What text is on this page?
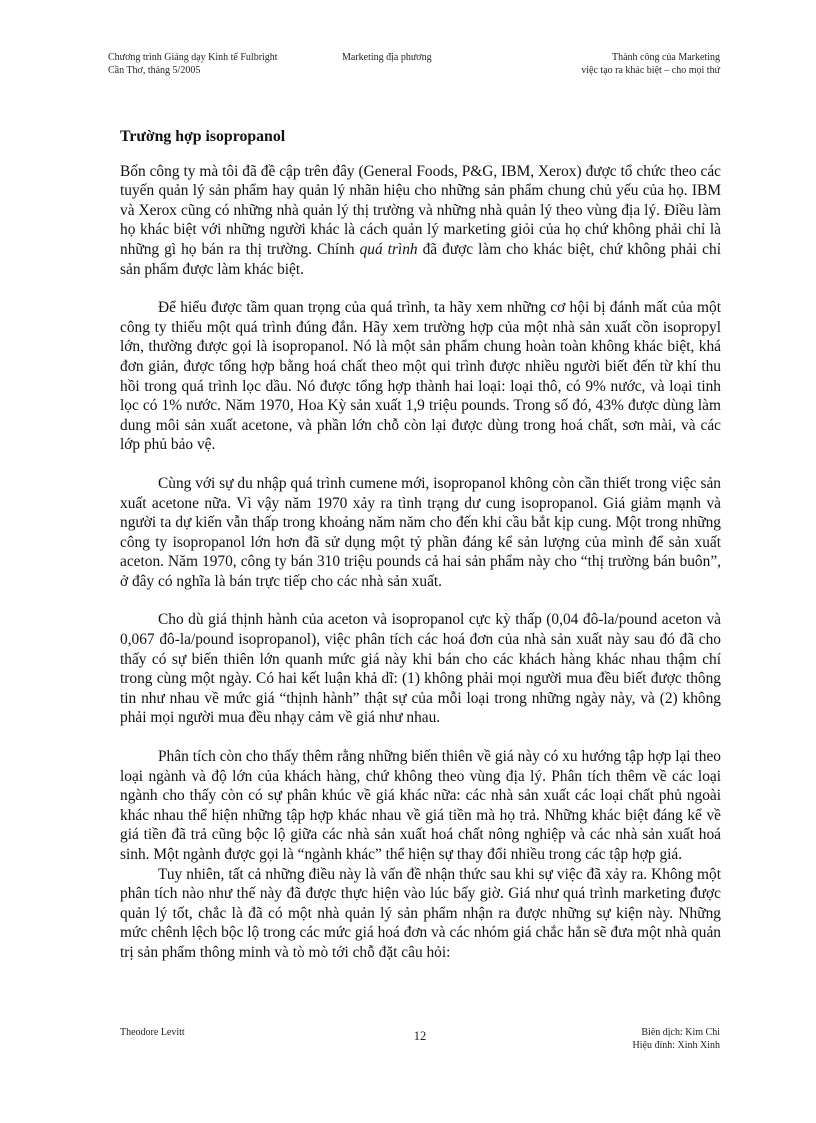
Chương trình Giảng dạy Kinh tế Fulbright
Cần Thơ, tháng 5/2005
Marketing địa phương	Thành công của Marketing
việc tạo ra khác biệt – cho mọi thứ
Trường hợp isopropanol

Bốn công ty mà tôi đã đề cập trên đây (General Foods, P&G, IBM, Xerox) được tổ chức theo các tuyến quản lý sản phẩm hay quản lý nhãn hiệu cho những sản phẩm chung chủ yếu của họ. IBM và Xerox cũng có những nhà quản lý thị trường và những nhà quản lý theo vùng địa lý. Điều làm họ khác biệt với những người khác là cách quản lý marketing giỏi của họ chứ không phải chỉ là những gì họ bán ra thị trường. Chính quá trình đã được làm cho khác biệt, chứ không phải chỉ sản phẩm được làm khác biệt.

Để hiểu được tầm quan trọng của quá trình, ta hãy xem những cơ hội bị đánh mất của một công ty thiếu một quá trình đúng đắn. Hãy xem trường hợp của một nhà sản xuất cồn isopropyl lớn, thường được gọi là isopropanol. Nó là một sản phẩm chung hoàn toàn không khác biệt, khá đơn giản, được tổng hợp bằng hoá chất theo một qui trình được nhiều người biết đến từ khí thu hồi trong quá trình lọc dầu. Nó được tổng hợp thành hai loại: loại thô, có 9% nước, và loại tinh lọc có 1% nước. Năm 1970, Hoa Kỳ sản xuất 1,9 triệu pounds. Trong số đó, 43% được dùng làm dung môi sản xuất acetone, và phần lớn chỗ còn lại được dùng trong hoá chất, sơn mài, và các lớp phủ bảo vệ.

Cùng với sự du nhập quá trình cumene mới, isopropanol không còn cần thiết trong việc sản xuất acetone nữa. Vì vậy năm 1970 xảy ra tình trạng dư cung isopropanol. Giá giảm mạnh và người ta dự kiến vẫn thấp trong khoảng năm năm cho đến khi cầu bắt kịp cung. Một trong những công ty isopropanol lớn hơn đã sử dụng một tỷ phần đáng kể sản lượng của mình để sản xuất aceton. Năm 1970, công ty bán 310 triệu pounds cả hai sản phẩm này cho “thị trường bán buôn”, ở đây có nghĩa là bán trực tiếp cho các nhà sản xuất.

Cho dù giá thịnh hành của aceton và isopropanol cực kỳ thấp (0,04 đô-la/pound aceton và 0,067 đô-la/pound isopropanol), việc phân tích các hoá đơn của nhà sản xuất này sau đó đã cho thấy có sự biến thiên lớn quanh mức giá này khi bán cho các khách hàng khác nhau thậm chí trong cùng một ngày. Có hai kết luận khả dĩ: (1) không phải mọi người mua đều biết được thông tin như nhau về mức giá “thịnh hành” thật sự của mỗi loại trong những ngày này, và (2) không phải mọi người mua đều nhạy cảm về giá như nhau.

Phân tích còn cho thấy thêm rằng những biến thiên về giá này có xu hướng tập hợp lại theo loại ngành và độ lớn của khách hàng, chứ không theo vùng địa lý. Phân tích thêm về các loại ngành cho thấy còn có sự phân khúc về giá khác nữa: các nhà sản xuất các loại chất phủ ngoài khác nhau thể hiện những tập hợp khác nhau về giá tiền mà họ trả. Những khác biệt đáng kể về giá tiền đã trả cũng bộc lộ giữa các nhà sản xuất hoá chất nông nghiệp và các nhà sản xuất hoá sinh. Một ngành được gọi là “ngành khác” thể hiện sự thay đổi nhiều trong các tập hợp giá.

Tuy nhiên, tất cả những điều này là vấn đề nhận thức sau khi sự việc đã xảy ra. Không một phân tích nào như thế này đã được thực hiện vào lúc bấy giờ. Giá như quá trình marketing được quản lý tốt, chắc là đã có một nhà quản lý sản phẩm nhận ra được những sự kiện này. Những mức chênh lệch bộc lộ trong các mức giá hoá đơn và các nhóm giá chắc hẳn sẽ đưa một nhà quản trị sản phẩm thông minh và tò mò tới chỗ đặt câu hỏi:

Theodore Levitt	12	Biên dịch: Kim Chi
Hiệu đính: Xinh Xinh
